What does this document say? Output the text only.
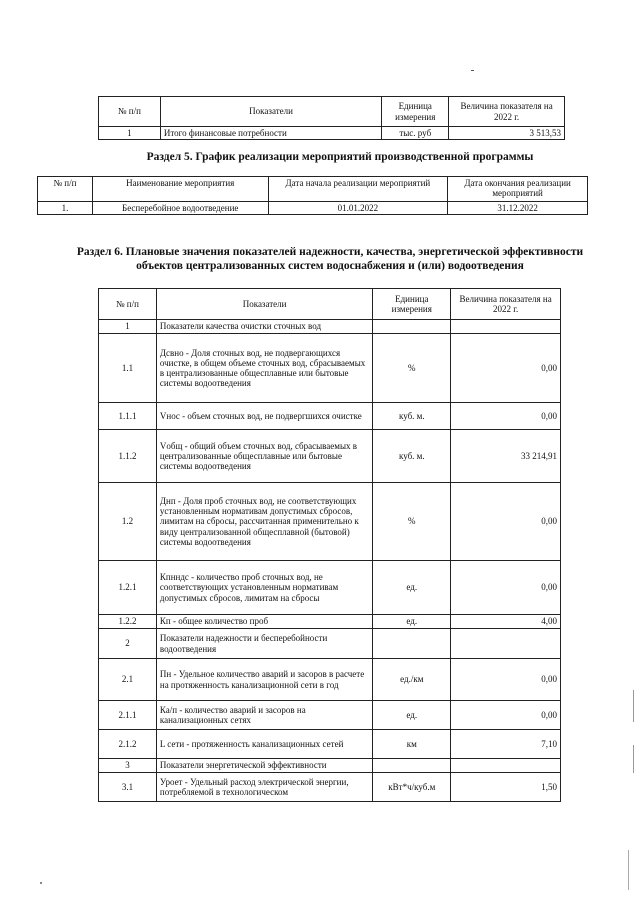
№ п/п	Показатели	Единица измерения	Величина показателя на 2022 г.
1	Итого финансовые потребности	тыс. руб	3 513,53
Раздел 5. График реализации мероприятий производственной программы
№ п/п	Наименование мероприятия	Дата начала реализации мероприятий	Дата окончания реализации мероприятий
1.	Бесперебойное водоотведение	01.01.2022	31.12.2022
Раздел 6. Плановые значения показателей надежности, качества, энергетической эффективности
объектов централизованных систем водоснабжения и (или) водоотведения
№ п/п	Показатели	Единица измерения	Величина показателя на 2022 г.
1	Показатели качества очистки сточных вод		
1.1	Дсвно - Доля сточных вод, не подвергающихся очистке, в общем объеме сточных вод, сбрасываемых в централизованные общесплавные или бытовые системы водоотведения	%	0,00
1.1.1	Vнос - объем сточных вод, не подвергшихся очистке	куб. м.	0,00
1.1.2	Vобщ - общий объем сточных вод, сбрасываемых в централизованные общесплавные или бытовые системы водоотведения	куб. м.	33 214,91
1.2	Днп - Доля проб сточных вод, не соответствующих установленным нормативам допустимых сбросов, лимитам на сбросы, рассчитанная применительно к виду централизованной общесплавной (бытовой) системы водоотведения	%	0,00
1.2.1	Кпнндс - количество проб сточных вод, не соответствующих установленным нормативам допустимых сбросов, лимитам на сбросы	ед.	0,00
1.2.2	Кп - общее количество проб	ед.	4,00
2	Показатели надежности и бесперебойности водоотведения		
2.1	Пн - Удельное количество аварий и засоров в расчете на протяженность канализационной сети в год	ед./км	0,00
2.1.1	Ка/п - количество аварий и засоров на канализационных сетях	ед.	0,00
2.1.2	L сети - протяженность канализационных сетей	км	7,10
3	Показатели энергетической эффективности		
3.1	Уроет - Удельный расход электрической энергии, потребляемой в технологическом	кВт*ч/куб.м	1,50
